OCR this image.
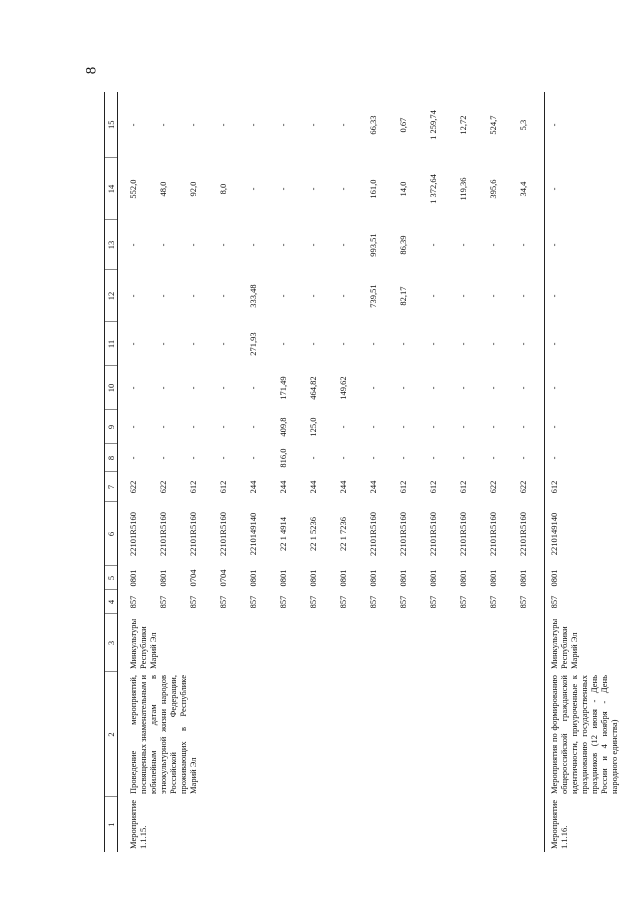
8
1	2	3	4	5	6	7	8	9	10	11	12	13	14	15

Мероприятие 1.1.15.	Проведение мероприятий, посвященных знаменательным и юбилейным датам в этнокультурной жизни народов Российской Федерации, проживающих в Республике Марий Эл	Минкультуры Республики Марий Эл	857	0801	22101R5160	622	-	-	-	-	-	-	552,0	-
			857	0801	22101R5160	622	-	-	-	-	-	-	48,0	-
			857	0704	22101R5160	612	-	-	-	-	-	-	92,0	-
			857	0704	22101R5160	612	-	-	-	-	-	-	8,0	-
			857	0801	2210149140	244	-	-	-	271,93	333,48	-	-	-
			857	0801	22 1 4914	244	816,0	409,8	171,49	-	-	-	-	-
			857	0801	22 1 5236	244	-	125,0	464,82	-	-	-	-	-
			857	0801	22 1 7236	244	-	-	149,62	-	-	-	-	-
			857	0801	22101R5160	244	-	-	-	-	739,51	993,51	161,0	66,33
			857	0801	22101R5160	612	-	-	-	-	82,17	86,39	14,0	0,67
			857	0801	22101R5160	612	-	-	-	-	-	-	1 372,64	1 259,74
			857	0801	22101R5160	612	-	-	-	-	-	-	119,36	12,72
			857	0801	22101R5160	622	-	-	-	-	-	-	395,6	524,7
			857	0801	22101R5160	622	-	-	-	-	-	-	34,4	5,3

Мероприятие 1.1.16.	Мероприятия по формированию общероссийской гражданской идентичности, приуроченные к празднованию государственных праздников (12 июня - День России и 4 ноября - День народного единства)	Минкультуры Республики Марий Эл	857	0801	2210149140	612	-	-	-	-	-	-	-	-
